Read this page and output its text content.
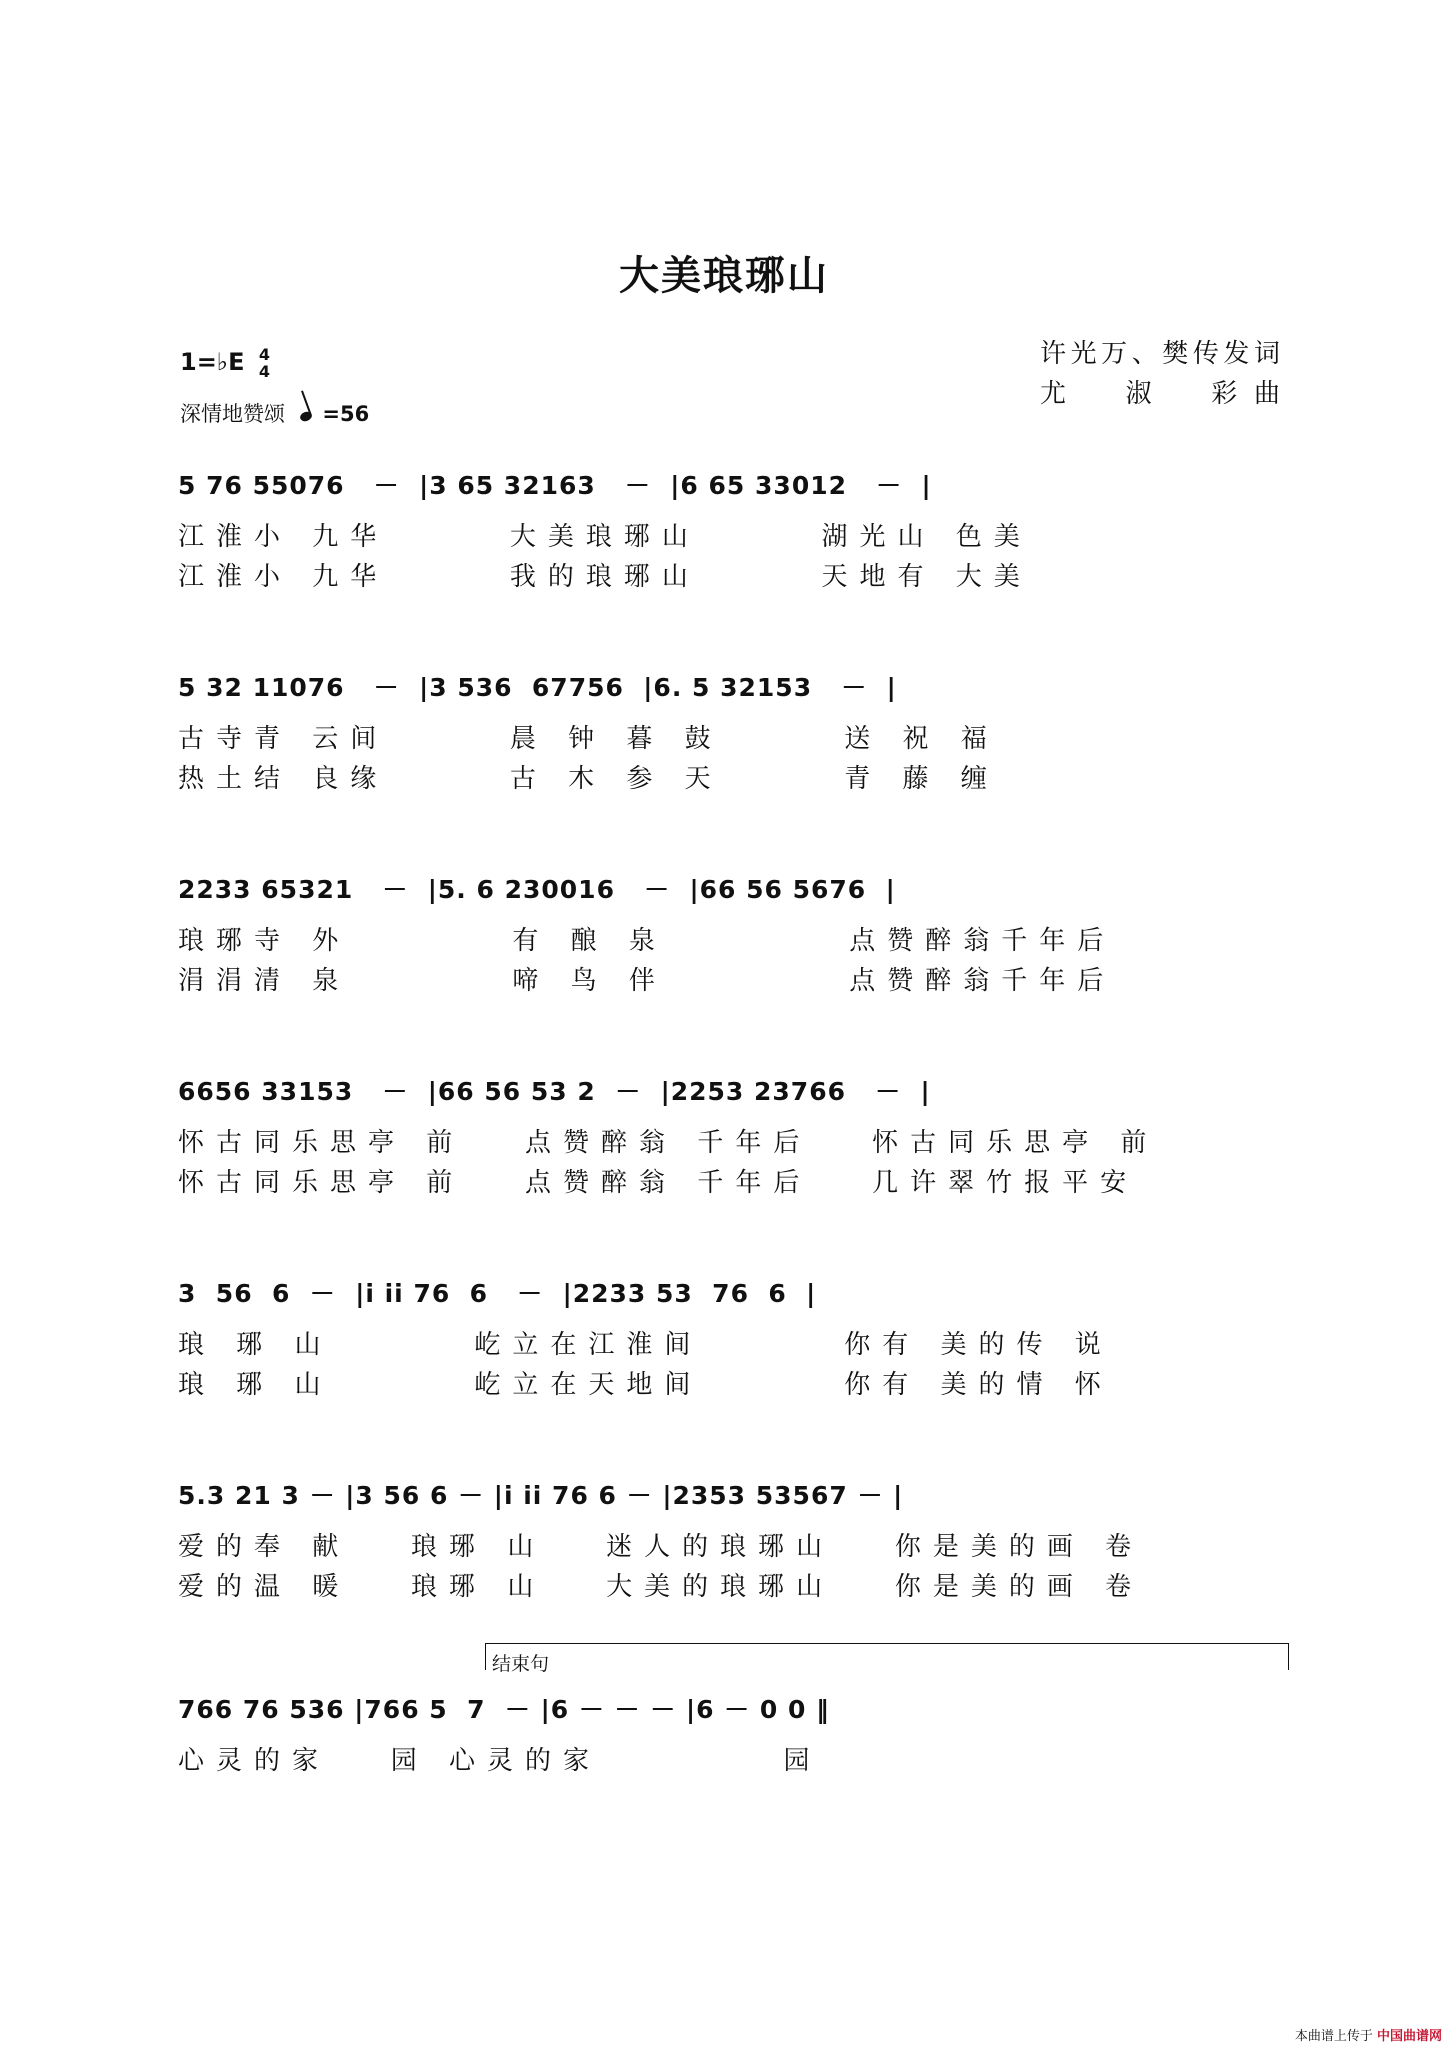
大美琅琊山
许光万、樊传发词
尤　淑　彩曲
1=♭E 4
4
深情地赞颂 =56
5 76 55076   －  |3 65 32163   －  |6 65 33012   －  |
江淮小 九华      大美琅琊山      湖光山 色美
江淮小 九华      我的琅琊山      天地有 大美
5 32 11076   －  |3 536  67756  |6. 5 32153   －  |
古寺青 云间      晨 钟 暮 鼓      送 祝 福
热土结 良缘      古 木 参 天      青 藤 缠
2233 65321   －  |5. 6 230016   －  |66 56 5676  |
琅琊寺 外        有 酿 泉         点赞醉翁千年后
涓涓清 泉        啼 鸟 伴         点赞醉翁千年后
6656 33153   －  |66 56 53 2  －  |2253 23766   －  |
怀古同乐思亭 前   点赞醉翁 千年后   怀古同乐思亭 前
怀古同乐思亭 前   点赞醉翁 千年后   几许翠竹报平安
3  56  6  －  |i ii 76  6   －  |2233 53  76  6  |
琅 琊 山       屹立在江淮间       你有 美的传 说
琅 琊 山       屹立在天地间       你有 美的情 怀
5.3 21 3 － |3 56 6 － |i ii 76 6 － |2353 53567 － |
爱的奉 献   琅琊 山   迷人的琅琊山   你是美的画 卷
爱的温 暖   琅琊 山   大美的琅琊山   你是美的画 卷
结束句
766 76 536 |766 5  7  － |6 － － － |6 － 0 0 ‖
心灵的家   园 心灵的家         园
本曲谱上传于 中国曲谱网
